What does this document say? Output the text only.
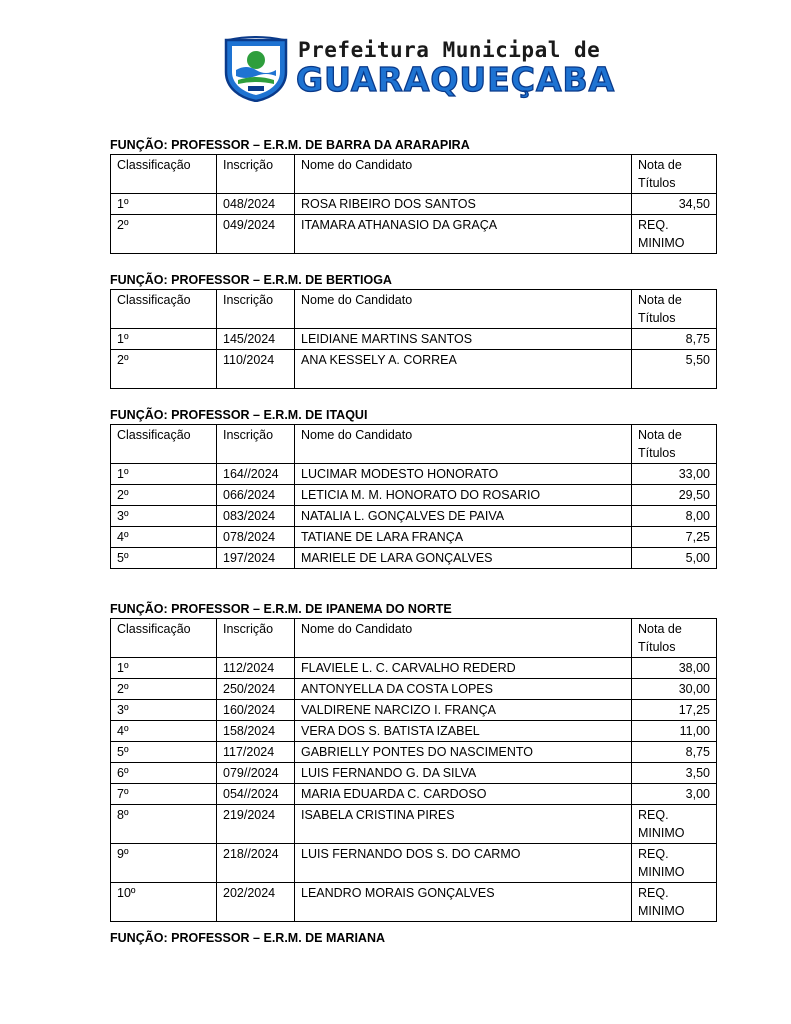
Prefeitura Municipal de
GUARAQUEÇABA
FUNÇÃO: PROFESSOR – E.R.M. DE BARRA DA ARARAPIRA
Classificação	Inscrição	Nome do Candidato	Nota de Títulos
1º	048/2024	ROSA RIBEIRO DOS SANTOS	34,50
2º	049/2024	ITAMARA ATHANASIO DA GRAÇA	REQ. MINIMO
FUNÇÃO: PROFESSOR – E.R.M. DE BERTIOGA
Classificação	Inscrição	Nome do Candidato	Nota de Títulos
1º	145/2024	LEIDIANE MARTINS SANTOS	8,75
2º	110/2024	ANA KESSELY A. CORREA	5,50
FUNÇÃO: PROFESSOR – E.R.M. DE ITAQUI
Classificação	Inscrição	Nome do Candidato	Nota de Títulos
1º	164//2024	LUCIMAR MODESTO HONORATO	33,00
2º	066/2024	LETICIA M. M. HONORATO DO ROSARIO	29,50
3º	083/2024	NATALIA L. GONÇALVES DE PAIVA	8,00
4º	078/2024	TATIANE DE LARA FRANÇA	7,25
5º	197/2024	MARIELE DE LARA GONÇALVES	5,00
FUNÇÃO: PROFESSOR – E.R.M. DE IPANEMA DO NORTE
Classificação	Inscrição	Nome do Candidato	Nota de Títulos
1º	112/2024	FLAVIELE L. C. CARVALHO REDERD	38,00
2º	250/2024	ANTONYELLA DA COSTA LOPES	30,00
3º	160/2024	VALDIRENE NARCIZO I. FRANÇA	17,25
4º	158/2024	VERA DOS S. BATISTA IZABEL	11,00
5º	117/2024	GABRIELLY PONTES DO NASCIMENTO	8,75
6º	079//2024	LUIS FERNANDO G. DA SILVA	3,50
7º	054//2024	MARIA EDUARDA C. CARDOSO	3,00
8º	219/2024	ISABELA CRISTINA PIRES	REQ. MINIMO
9º	218//2024	LUIS FERNANDO DOS S. DO CARMO	REQ. MINIMO
10º	202/2024	LEANDRO MORAIS GONÇALVES	REQ. MINIMO
FUNÇÃO: PROFESSOR – E.R.M. DE MARIANA
